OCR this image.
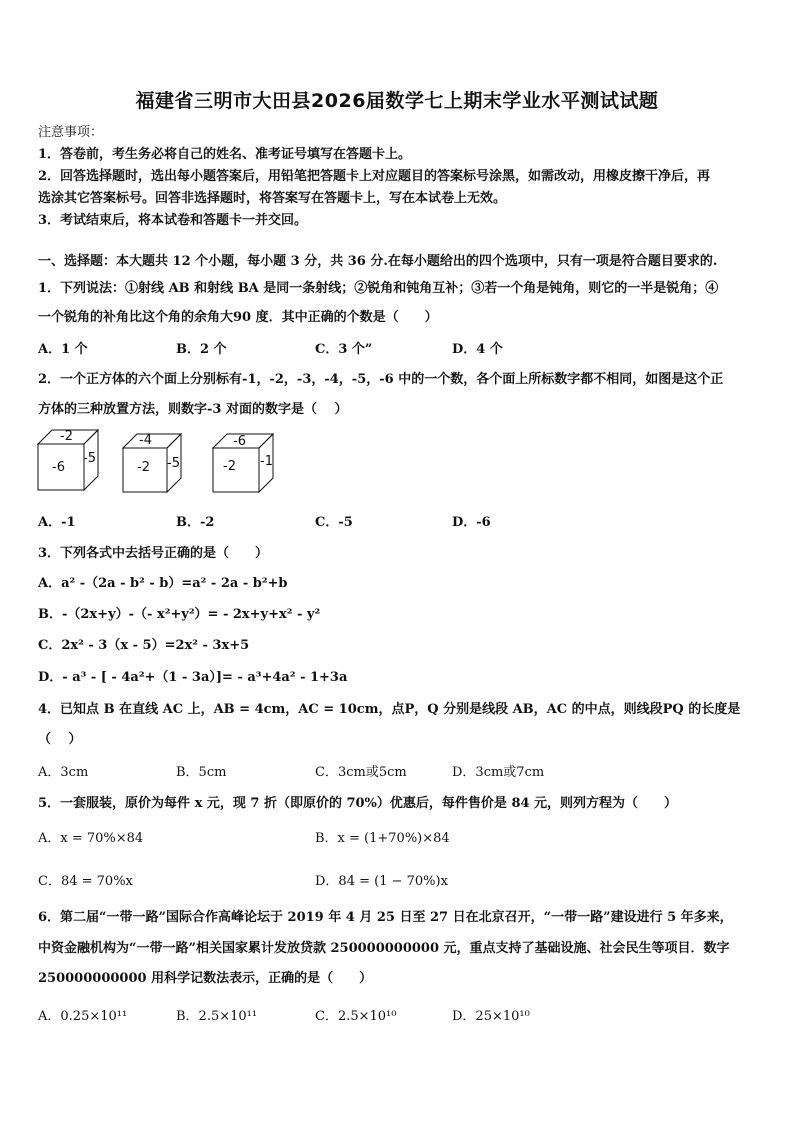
福建省三明市大田县2026届数学七上期末学业水平测试试题
注意事项：
1．答卷前，考生务必将自己的姓名、准考证号填写在答题卡上。
2．回答选择题时，选出每小题答案后，用铅笔把答题卡上对应题目的答案标号涂黑，如需改动，用橡皮擦干净后，再
选涂其它答案标号。回答非选择题时，将答案写在答题卡上，写在本试卷上无效。
3．考试结束后，将本试卷和答题卡一并交回。
一、选择题：本大题共 12 个小题，每小题 3 分，共 36 分.在每小题给出的四个选项中，只有一项是符合题目要求的.
1．下列说法：①射线 AB 和射线 BA 是同一条射线；②锐角和钝角互补；③若一个角是钝角，则它的一半是锐角；④
一个锐角的补角比这个角的余角大90 度．其中正确的个数是（　　）
A．1 个	B．2 个	C．3 个”	D．4 个
2．一个正方体的六个面上分别标有-1，-2，-3，-4，-5，-6 中的一个数，各个面上所标数字都不相同，如图是这个正
方体的三种放置方法，则数字-3 对面的数字是（　 ）
-2
-6
-5
-4
-2 -5
-6
-2 -1
A．-1	B．-2	C．-5	D．-6
3．下列各式中去括号正确的是（　　）
A．a² -（2a - b² - b）=a² - 2a - b²+b
B．-（2x+y）-（- x²+y²）= - 2x+y+x² - y²
C．2x² - 3（x - 5）=2x² - 3x+5
D．- a³ - [ - 4a²+（1 - 3a）]= - a³+4a² - 1+3a
4．已知点 B 在直线 AC 上，AB = 4cm，AC = 10cm，点P，Q 分别是线段 AB，AC 的中点，则线段PQ 的长度是
（　 ）
A．3cm	B．5cm	C．3cm或5cm	D．3cm或7cm
5．一套服装，原价为每件 x 元，现 7 折（即原价的 70%）优惠后，每件售价是 84 元，则列方程为（　　）
A．x = 70%×84	B．x = (1+70%)×84
C．84 = 70%x	D．84 = (1 − 70%)x
6．第二届“一带一路”国际合作高峰论坛于 2019 年 4 月 25 日至 27 日在北京召开，“一带一路”建设进行 5 年多来，
中资金融机构为“一带一路”相关国家累计发放贷款 250000000000 元，重点支持了基础设施、社会民生等项目．数字
250000000000 用科学记数法表示，正确的是（　　）
A．0.25×10¹¹	B．2.5×10¹¹	C．2.5×10¹⁰	D．25×10¹⁰
